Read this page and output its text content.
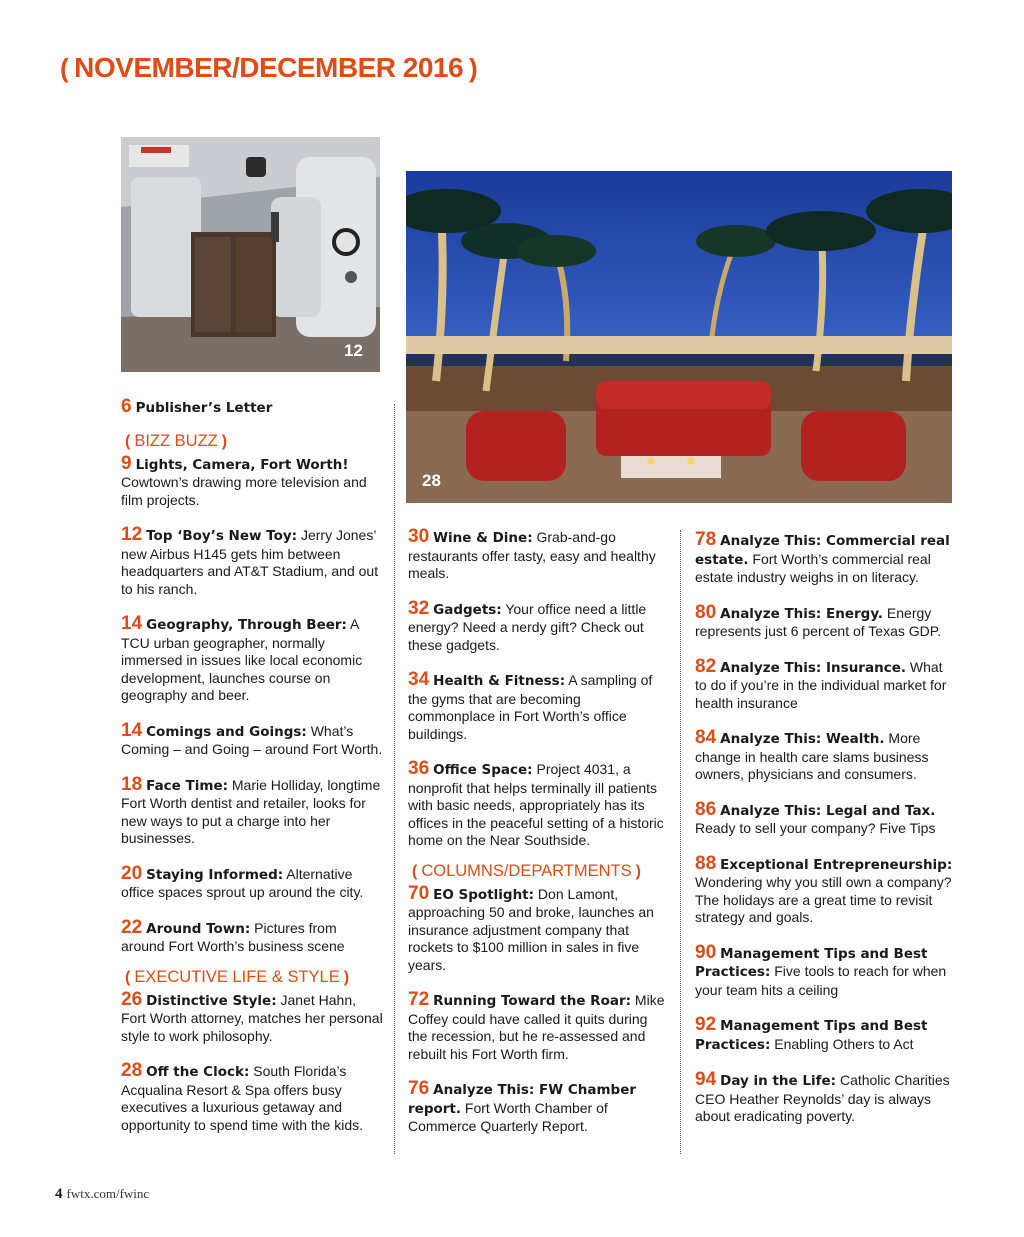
( NOVEMBER/DECEMBER 2016 )
12
28
6 Publisher’s Letter
( BIZZ BUZZ )
9 Lights, Camera, Fort Worth! Cowtown’s drawing more television and film projects.
12 Top ‘Boy’s New Toy: Jerry Jones’ new Airbus H145 gets him between headquarters and AT&T Stadium, and out to his ranch.
14 Geography, Through Beer: A TCU urban geographer, normally immersed in issues like local economic development, launches course on geography and beer.
14 Comings and Goings: What’s Coming – and Going – around Fort Worth.
18 Face Time: Marie Holliday, longtime Fort Worth dentist and retailer, looks for new ways to put a charge into her businesses.
20 Staying Informed: Alternative office spaces sprout up around the city.
22 Around Town: Pictures from around Fort Worth’s business scene
( EXECUTIVE LIFE & STYLE )
26 Distinctive Style: Janet Hahn, Fort Worth attorney, matches her personal style to work philosophy.
28 Off the Clock: South Florida’s Acqualina Resort & Spa offers busy executives a luxurious getaway and opportunity to spend time with the kids.
30 Wine & Dine: Grab-and-go restaurants offer tasty, easy and healthy meals.
32 Gadgets: Your office need a little energy? Need a nerdy gift? Check out these gadgets.
34 Health & Fitness: A sampling of the gyms that are becoming commonplace in Fort Worth’s office buildings.
36 Office Space: Project 4031, a nonprofit that helps terminally ill patients with basic needs, appropriately has its offices in the peaceful setting of a historic home on the Near Southside.
( COLUMNS/DEPARTMENTS )
70 EO Spotlight: Don Lamont, approaching 50 and broke, launches an insurance adjustment company that rockets to $100 million in sales in five years.
72 Running Toward the Roar: Mike Coffey could have called it quits during the recession, but he re-assessed and rebuilt his Fort Worth firm.
76 Analyze This: FW Chamber report. Fort Worth Chamber of Commerce Quarterly Report.
78 Analyze This: Commercial real estate. Fort Worth’s commercial real estate industry weighs in on literacy.
80 Analyze This: Energy. Energy represents just 6 percent of Texas GDP.
82 Analyze This: Insurance. What to do if you’re in the individual market for health insurance
84 Analyze This: Wealth. More change in health care slams business owners, physicians and consumers.
86 Analyze This: Legal and Tax. Ready to sell your company? Five Tips
88 Exceptional Entrepreneurship: Wondering why you still own a company? The holidays are a great time to revisit strategy and goals.
90 Management Tips and Best Practices: Five tools to reach for when your team hits a ceiling
92 Management Tips and Best Practices: Enabling Others to Act
94 Day in the Life: Catholic Charities CEO Heather Reynolds’ day is always about eradicating poverty.
4 fwtx.com/fwinc
